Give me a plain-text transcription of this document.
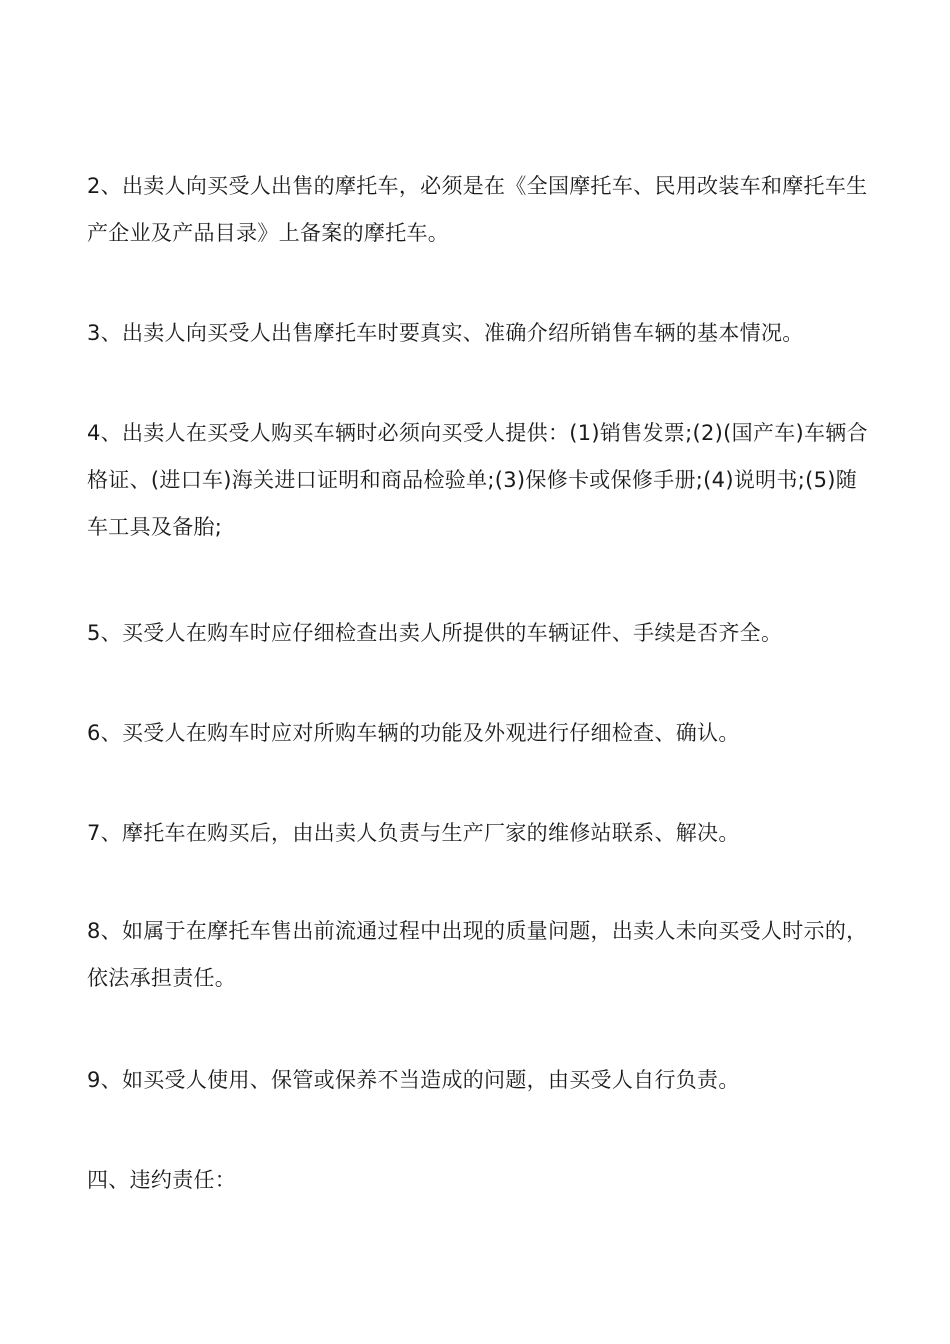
2、出卖人向买受人出售的摩托车，必须是在《全国摩托车、民用改装车和摩托车生产企业及产品目录》上备案的摩托车。

3、出卖人向买受人出售摩托车时要真实、准确介绍所销售车辆的基本情况。

4、出卖人在买受人购买车辆时必须向买受人提供：(1)销售发票;(2)(国产车)车辆合格证、(进口车)海关进口证明和商品检验单;(3)保修卡或保修手册;(4)说明书;(5)随车工具及备胎;

5、买受人在购车时应仔细检查出卖人所提供的车辆证件、手续是否齐全。

6、买受人在购车时应对所购车辆的功能及外观进行仔细检查、确认。

7、摩托车在购买后，由出卖人负责与生产厂家的维修站联系、解决。

8、如属于在摩托车售出前流通过程中出现的质量问题，出卖人未向买受人时示的，依法承担责任。

9、如买受人使用、保管或保养不当造成的问题，由买受人自行负责。

四、违约责任：
